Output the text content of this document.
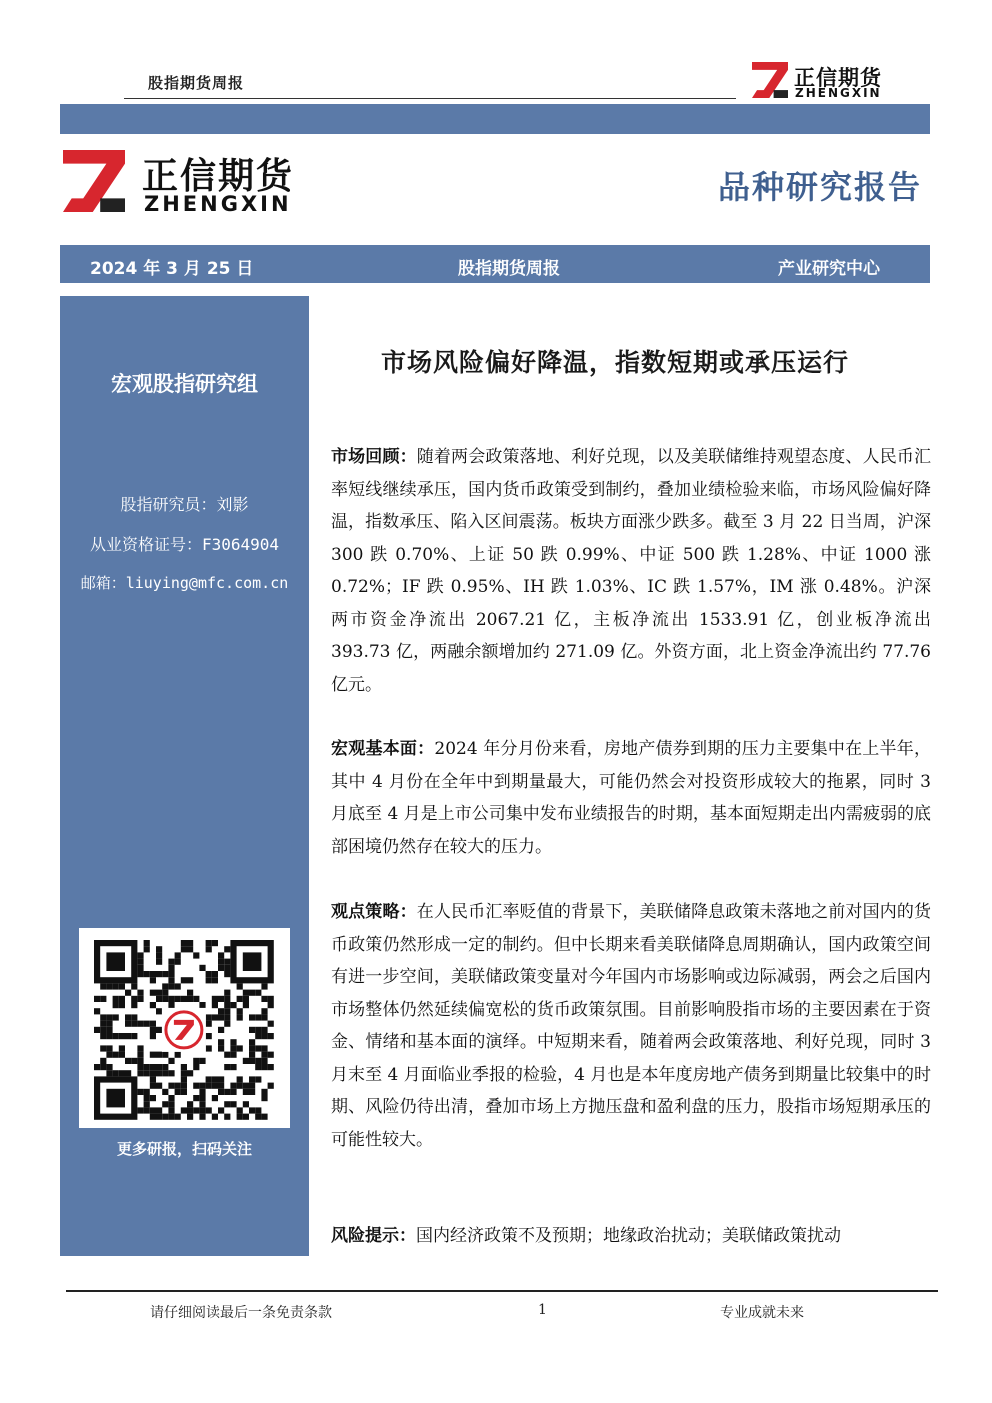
股指期货周报	正信期货
ZHENGXIN
正信期货
ZHENGXIN	品种研究报告
2024 年 3 月 25 日	股指期货周报	产业研究中心
宏观股指研究组
股指研究员：刘影
从业资格证号：F3064904
邮箱：liuying@mfc.com.cn
更多研报，扫码关注
市场风险偏好降温，指数短期或承压运行
市场回顾：随着两会政策落地、利好兑现，以及美联储维持观望态度、人民币汇率短线继续承压，国内货币政策受到制约，叠加业绩检验来临，市场风险偏好降温，指数承压、陷入区间震荡。板块方面涨少跌多。截至 3 月 22 日当周，沪深 300 跌 0.70%、上证 50 跌 0.99%、中证 500 跌 1.28%、中证 1000 涨 0.72%；IF 跌 0.95%、IH 跌 1.03%、IC 跌 1.57%，IM 涨 0.48%。沪深两市资金净流出 2067.21 亿，主板净流出 1533.91 亿，创业板净流出 393.73 亿，两融余额增加约 271.09 亿。外资方面，北上资金净流出约 77.76 亿元。
宏观基本面：2024 年分月份来看，房地产债券到期的压力主要集中在上半年，其中 4 月份在全年中到期量最大，可能仍然会对投资形成较大的拖累，同时 3 月底至 4 月是上市公司集中发布业绩报告的时期，基本面短期走出内需疲弱的底部困境仍然存在较大的压力。
观点策略：在人民币汇率贬值的背景下，美联储降息政策未落地之前对国内的货币政策仍然形成一定的制约。但中长期来看美联储降息周期确认，国内政策空间有进一步空间，美联储政策变量对今年国内市场影响或边际减弱，两会之后国内市场整体仍然延续偏宽松的货币政策氛围。目前影响股指市场的主要因素在于资金、情绪和基本面的演绎。中短期来看，随着两会政策落地、利好兑现，同时 3 月末至 4 月面临业季报的检验，4 月也是本年度房地产债务到期量比较集中的时期、风险仍待出清，叠加市场上方抛压盘和盈利盘的压力，股指市场短期承压的可能性较大。
风险提示：国内经济政策不及预期；地缘政治扰动；美联储政策扰动
请仔细阅读最后一条免责条款	1	专业成就未来
